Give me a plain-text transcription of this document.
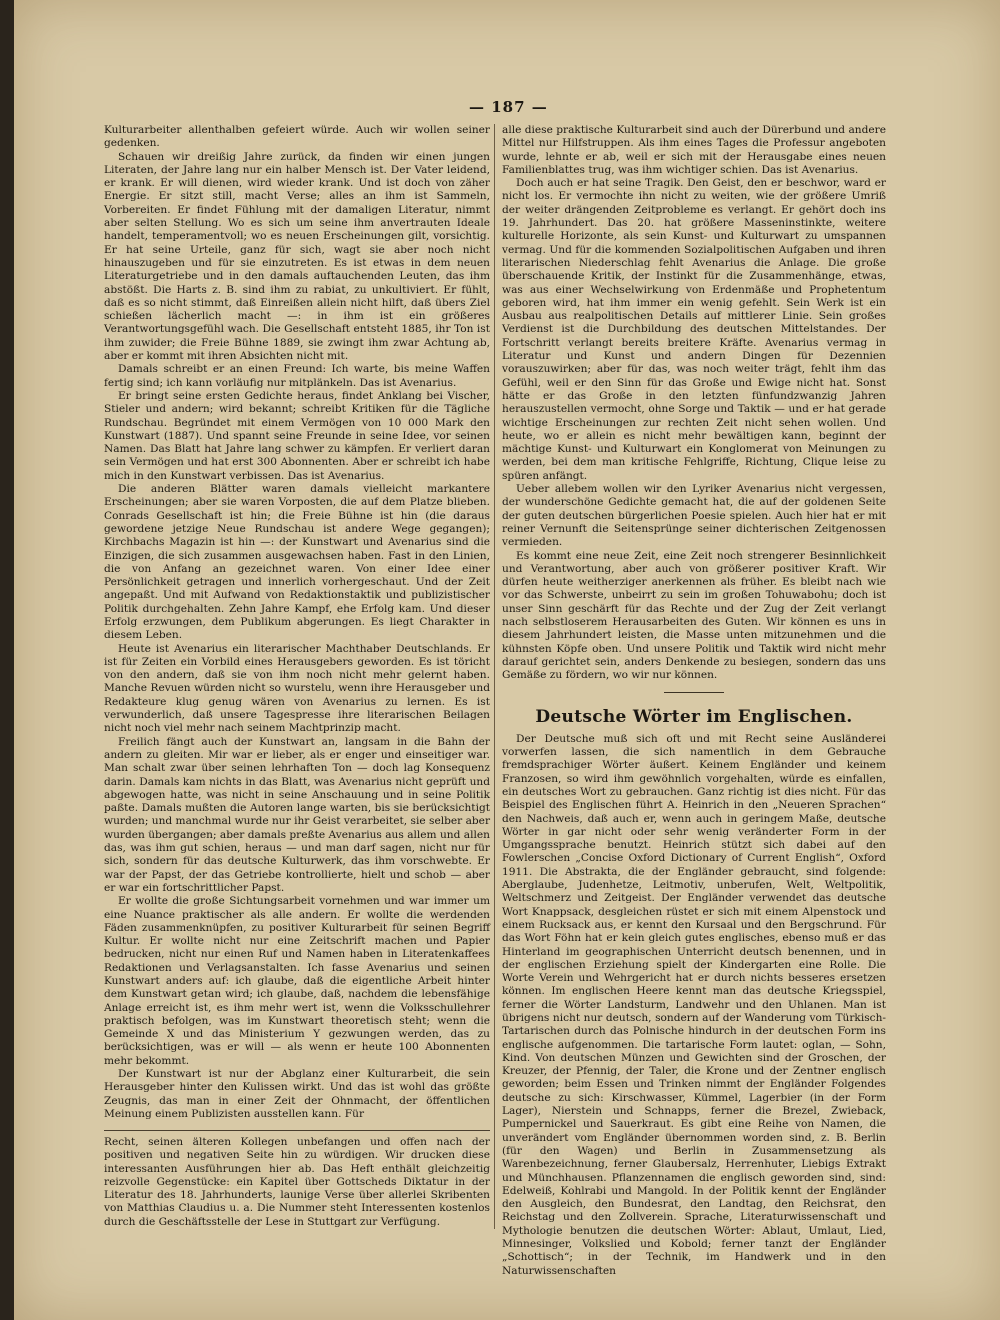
— 187 —

Kulturarbeiter allenthalben gefeiert würde. Auch wir wollen seiner gedenken.

Schauen wir dreißig Jahre zurück, da finden wir einen jungen Literaten, der Jahre lang nur ein halber Mensch ist. Der Vater leidend, er krank. Er will dienen, wird wieder krank. Und ist doch von zäher Energie. Er sitzt still, macht Verse; alles an ihm ist Sammeln, Vorbereiten. Er findet Fühlung mit der damaligen Literatur, nimmt aber selten Stellung. Wo es sich um seine ihm anvertrauten Ideale handelt, temperamentvoll; wo es neuen Erscheinungen gilt, vorsichtig. Er hat seine Urteile, ganz für sich, wagt sie aber noch nicht hinauszugeben und für sie einzutreten. Es ist etwas in dem neuen Literaturgetriebe und in den damals auftauchenden Leuten, das ihm abstößt. Die Harts z. B. sind ihm zu rabiat, zu unkultiviert. Er fühlt, daß es so nicht stimmt, daß Einreißen allein nicht hilft, daß übers Ziel schießen lächerlich macht —: in ihm ist ein größeres Verantwortungsgefühl wach. Die Gesellschaft entsteht 1885, ihr Ton ist ihm zuwider; die Freie Bühne 1889, sie zwingt ihm zwar Achtung ab, aber er kommt mit ihren Absichten nicht mit.

Damals schreibt er an einen Freund: Ich warte, bis meine Waffen fertig sind; ich kann vorläufig nur mitplänkeln. Das ist Avenarius.

Er bringt seine ersten Gedichte heraus, findet Anklang bei Vischer, Stieler und andern; wird bekannt; schreibt Kritiken für die Tägliche Rundschau. Begründet mit einem Vermögen von 10 000 Mark den Kunstwart (1887). Und spannt seine Freunde in seine Idee, vor seinen Namen. Das Blatt hat Jahre lang schwer zu kämpfen. Er verliert daran sein Vermögen und hat erst 300 Abonnenten. Aber er schreibt ich habe mich in den Kunstwart verbissen. Das ist Avenarius.

Die anderen Blätter waren damals vielleicht markantere Erscheinungen; aber sie waren Vorposten, die auf dem Platze blieben. Conrads Gesellschaft ist hin; die Freie Bühne ist hin (die daraus gewordene jetzige Neue Rundschau ist andere Wege gegangen); Kirchbachs Magazin ist hin —: der Kunstwart und Avenarius sind die Einzigen, die sich zusammen ausgewachsen haben. Fast in den Linien, die von Anfang an gezeichnet waren. Von einer Idee einer Persönlichkeit getragen und innerlich vorhergeschaut. Und der Zeit angepaßt. Und mit Aufwand von Redaktionstaktik und publizistischer Politik durchgehalten. Zehn Jahre Kampf, ehe Erfolg kam. Und dieser Erfolg erzwungen, dem Publikum abgerungen. Es liegt Charakter in diesem Leben.

Heute ist Avenarius ein literarischer Machthaber Deutschlands. Er ist für Zeiten ein Vorbild eines Herausgebers geworden. Es ist töricht von den andern, daß sie von ihm noch nicht mehr gelernt haben. Manche Revuen würden nicht so wurstelu, wenn ihre Herausgeber und Redakteure klug genug wären von Avenarius zu lernen. Es ist verwunderlich, daß unsere Tagespresse ihre literarischen Beilagen nicht noch viel mehr nach seinem Machtprinzip macht.

Freilich fängt auch der Kunstwart an, langsam in die Bahn der andern zu gleiten. Mir war er lieber, als er enger und einseitiger war. Man schalt zwar über seinen lehrhaften Ton — doch lag Konsequenz darin. Damals kam nichts in das Blatt, was Avenarius nicht geprüft und abgewogen hatte, was nicht in seine Anschauung und in seine Politik paßte. Damals mußten die Autoren lange warten, bis sie berücksichtigt wurden; und manchmal wurde nur ihr Geist verarbeitet, sie selber aber wurden übergangen; aber damals preßte Avenarius aus allem und allen das, was ihm gut schien, heraus — und man darf sagen, nicht nur für sich, sondern für das deutsche Kulturwerk, das ihm vorschwebte. Er war der Papst, der das Getriebe kontrollierte, hielt und schob — aber er war ein fortschrittlicher Papst.

Er wollte die große Sichtungsarbeit vornehmen und war immer um eine Nuance praktischer als alle andern. Er wollte die werdenden Fäden zusammenknüpfen, zu positiver Kulturarbeit für seinen Begriff Kultur. Er wollte nicht nur eine Zeitschrift machen und Papier bedrucken, nicht nur einen Ruf und Namen haben in Literatenkaffees Redaktionen und Verlagsanstalten. Ich fasse Avenarius und seinen Kunstwart anders auf: ich glaube, daß die eigentliche Arbeit hinter dem Kunstwart getan wird; ich glaube, daß, nachdem die lebensfähige Anlage erreicht ist, es ihm mehr wert ist, wenn die Volksschullehrer praktisch befolgen, was im Kunstwart theoretisch steht; wenn die Gemeinde X und das Ministerium Y gezwungen werden, das zu berücksichtigen, was er will — als wenn er heute 100 Abonnenten mehr bekommt.

Der Kunstwart ist nur der Abglanz einer Kulturarbeit, die sein Herausgeber hinter den Kulissen wirkt. Und das ist wohl das größte Zeugnis, das man in einer Zeit der Ohnmacht, der öffentlichen Meinung einem Publizisten ausstellen kann. Für

Recht, seinen älteren Kollegen unbefangen und offen nach der positiven und negativen Seite hin zu würdigen. Wir drucken diese interessanten Ausführungen hier ab. Das Heft enthält gleichzeitig reizvolle Gegenstücke: ein Kapitel über Gottscheds Diktatur in der Literatur des 18. Jahrhunderts, launige Verse über allerlei Skribenten von Matthias Claudius u. a. Die Nummer steht Interessenten kostenlos durch die Geschäftsstelle der Lese in Stuttgart zur Verfügung.

alle diese praktische Kulturarbeit sind auch der Dürerbund und andere Mittel nur Hilfstruppen. Als ihm eines Tages die Professur angeboten wurde, lehnte er ab, weil er sich mit der Herausgabe eines neuen Familienblattes trug, was ihm wichtiger schien. Das ist Avenarius.

Doch auch er hat seine Tragik. Den Geist, den er beschwor, ward er nicht los. Er vermochte ihn nicht zu weiten, wie der größere Umriß der weiter drängenden Zeitprobleme es verlangt. Er gehört doch ins 19. Jahrhundert. Das 20. hat größere Masseninstinkte, weitere kulturelle Horizonte, als sein Kunst- und Kulturwart zu umspannen vermag. Und für die kommenden Sozialpolitischen Aufgaben und ihren literarischen Niederschlag fehlt Avenarius die Anlage. Die große überschauende Kritik, der Instinkt für die Zusammenhänge, etwas, was aus einer Wechselwirkung von Erdenmäße und Prophetentum geboren wird, hat ihm immer ein wenig gefehlt. Sein Werk ist ein Ausbau aus realpolitischen Details auf mittlerer Linie. Sein großes Verdienst ist die Durchbildung des deutschen Mittelstandes. Der Fortschritt verlangt bereits breitere Kräfte. Avenarius vermag in Literatur und Kunst und andern Dingen für Dezennien vorauszuwirken; aber für das, was noch weiter trägt, fehlt ihm das Gefühl, weil er den Sinn für das Große und Ewige nicht hat. Sonst hätte er das Große in den letzten fünfundzwanzig Jahren herauszustellen vermocht, ohne Sorge und Taktik — und er hat gerade wichtige Erscheinungen zur rechten Zeit nicht sehen wollen. Und heute, wo er allein es nicht mehr bewältigen kann, beginnt der mächtige Kunst- und Kulturwart ein Konglomerat von Meinungen zu werden, bei dem man kritische Fehlgriffe, Richtung, Clique leise zu spüren anfängt.

Ueber allebem wollen wir den Lyriker Avenarius nicht vergessen, der wunderschöne Gedichte gemacht hat, die auf der goldenen Seite der guten deutschen bürgerlichen Poesie spielen. Auch hier hat er mit reiner Vernunft die Seitensprünge seiner dichterischen Zeitgenossen vermieden.

Es kommt eine neue Zeit, eine Zeit noch strengerer Besinnlichkeit und Verantwortung, aber auch von größerer positiver Kraft. Wir dürfen heute weitherziger anerkennen als früher. Es bleibt nach wie vor das Schwerste, unbeirrt zu sein im großen Tohuwabohu; doch ist unser Sinn geschärft für das Rechte und der Zug der Zeit verlangt nach selbstloserem Herausarbeiten des Guten. Wir können es uns in diesem Jahrhundert leisten, die Masse unten mitzunehmen und die kühnsten Köpfe oben. Und unsere Politik und Taktik wird nicht mehr darauf gerichtet sein, anders Denkende zu besiegen, sondern das uns Gemäße zu fördern, wo wir nur können.

Deutsche Wörter im Englischen.

Der Deutsche muß sich oft und mit Recht seine Ausländerei vorwerfen lassen, die sich namentlich in dem Gebrauche fremdsprachiger Wörter äußert. Keinem Engländer und keinem Franzosen, so wird ihm gewöhnlich vorgehalten, würde es einfallen, ein deutsches Wort zu gebrauchen. Ganz richtig ist dies nicht. Für das Beispiel des Englischen führt A. Heinrich in den „Neueren Sprachen“ den Nachweis, daß auch er, wenn auch in geringem Maße, deutsche Wörter in gar nicht oder sehr wenig veränderter Form in der Umgangssprache benutzt. Heinrich stützt sich dabei auf den Fowlerschen „Concise Oxford Dictionary of Current English“, Oxford 1911. Die Abstrakta, die der Engländer gebraucht, sind folgende: Aberglaube, Judenhetze, Leitmotiv, unberufen, Welt, Weltpolitik, Weltschmerz und Zeitgeist. Der Engländer verwendet das deutsche Wort Knappsack, desgleichen rüstet er sich mit einem Alpenstock und einem Rucksack aus, er kennt den Kursaal und den Bergschrund. Für das Wort Föhn hat er kein gleich gutes englisches, ebenso muß er das Hinterland im geographischen Unterricht deutsch benennen, und in der englischen Erziehung spielt der Kindergarten eine Rolle. Die Worte Verein und Wehrgericht hat er durch nichts besseres ersetzen können. Im englischen Heere kennt man das deutsche Kriegsspiel, ferner die Wörter Landsturm, Landwehr und den Uhlanen. Man ist übrigens nicht nur deutsch, sondern auf der Wanderung vom Türkisch-Tartarischen durch das Polnische hindurch in der deutschen Form ins englische aufgenommen. Die tartarische Form lautet: oglan, — Sohn, Kind. Von deutschen Münzen und Gewichten sind der Groschen, der Kreuzer, der Pfennig, der Taler, die Krone und der Zentner englisch geworden; beim Essen und Trinken nimmt der Engländer Folgendes deutsche zu sich: Kirschwasser, Kümmel, Lagerbier (in der Form Lager), Nierstein und Schnapps, ferner die Brezel, Zwieback, Pumpernickel und Sauerkraut. Es gibt eine Reihe von Namen, die unverändert vom Engländer übernommen worden sind, z. B. Berlin (für den Wagen) und Berlin in Zusammensetzung als Warenbezeichnung, ferner Glaubersalz, Herrenhuter, Liebigs Extrakt und Münchhausen. Pflanzennamen die englisch geworden sind, sind: Edelweiß, Kohlrabi und Mangold. In der Politik kennt der Engländer den Ausgleich, den Bundesrat, den Landtag, den Reichsrat, den Reichstag und den Zollverein. Sprache, Literaturwissenschaft und Mythologie benutzen die deutschen Wörter: Ablaut, Umlaut, Lied, Minnesinger, Volkslied und Kobold; ferner tanzt der Engländer „Schottisch“; in der Technik, im Handwerk und in den Naturwissenschaften
